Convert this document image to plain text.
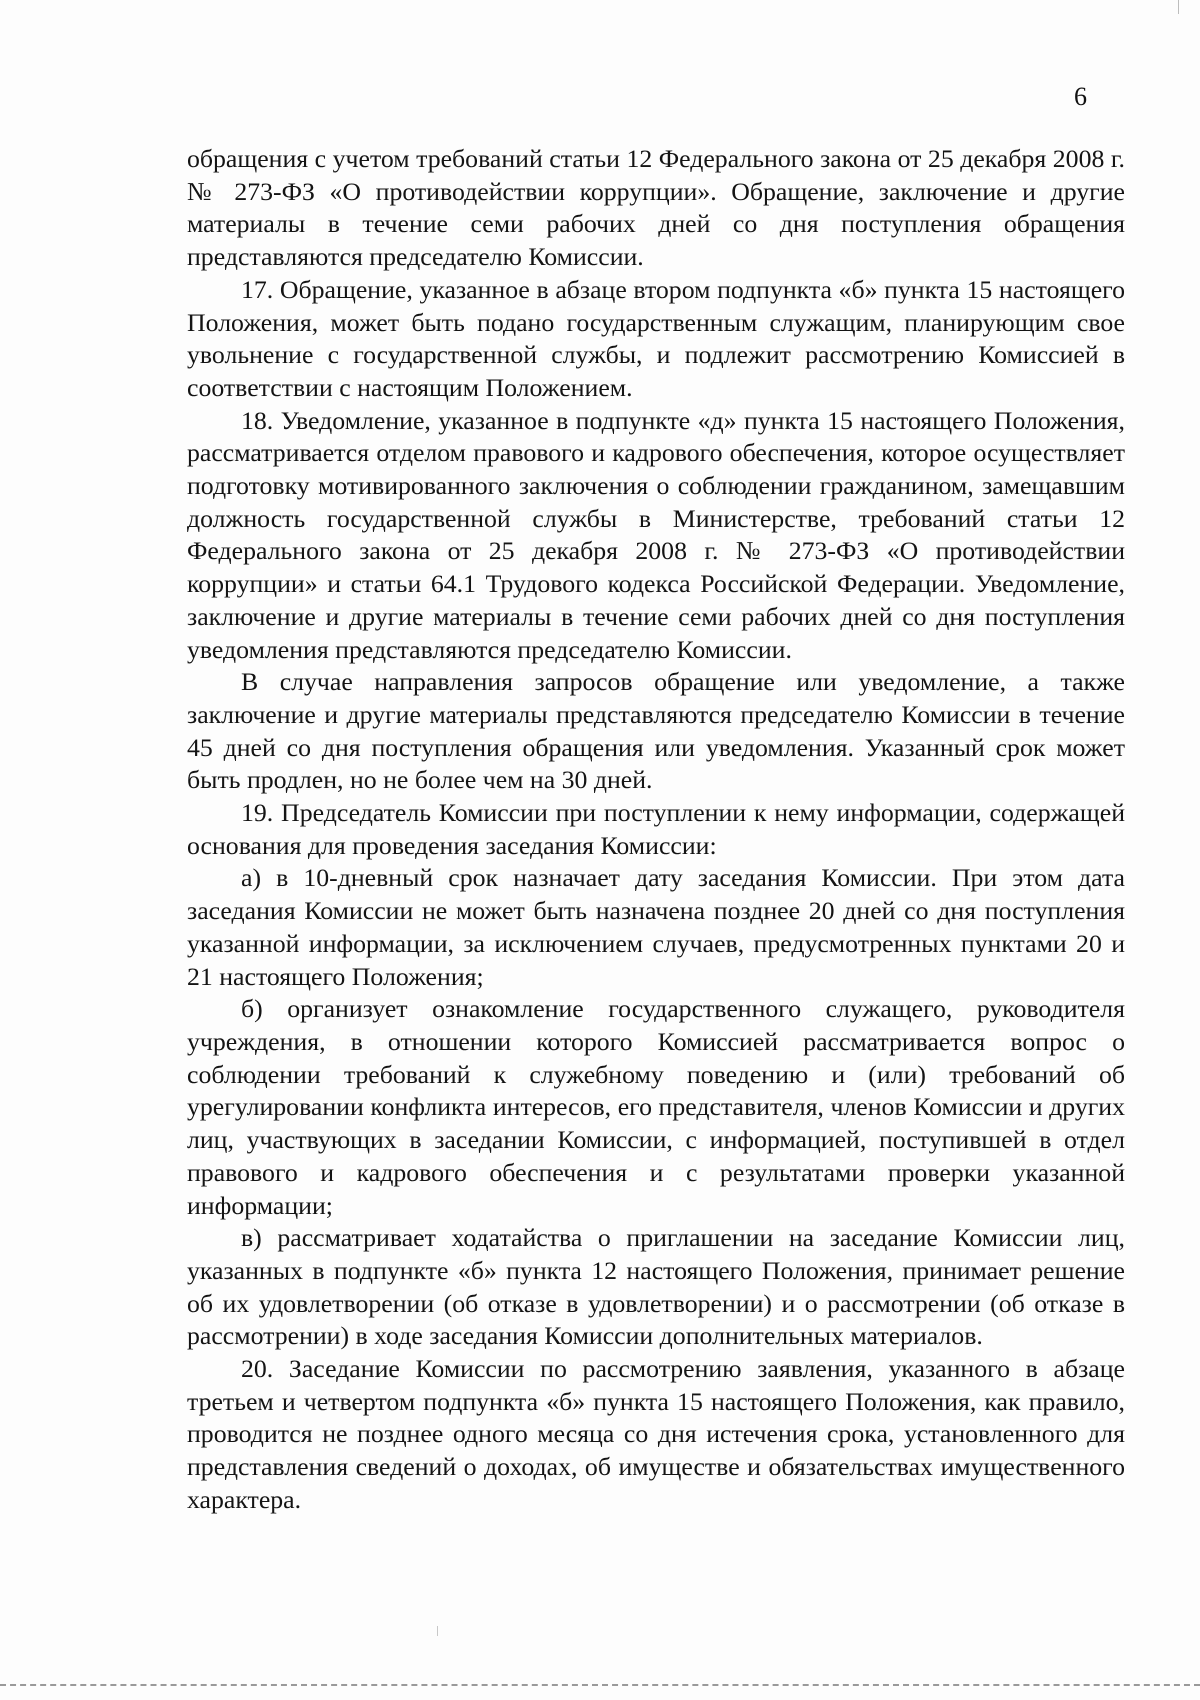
6

обращения с учетом требований статьи 12 Федерального закона от 25 декабря 2008 г. № 273-ФЗ «О противодействии коррупции». Обращение, заключение и другие материалы в течение семи рабочих дней со дня поступления обращения представляются председателю Комиссии.

17. Обращение, указанное в абзаце втором подпункта «б» пункта 15 настоящего Положения, может быть подано государственным служащим, планирующим свое увольнение с государственной службы, и подлежит рассмотрению Комиссией в соответствии с настоящим Положением.

18. Уведомление, указанное в подпункте «д» пункта 15 настоящего Положения, рассматривается отделом правового и кадрового обеспечения, которое осуществляет подготовку мотивированного заключения о соблюдении гражданином, замещавшим должность государственной службы в Министерстве, требований статьи 12 Федерального закона от 25 декабря 2008 г. № 273-ФЗ «О противодействии коррупции» и статьи 64.1 Трудового кодекса Российской Федерации. Уведомление, заключение и другие материалы в течение семи рабочих дней со дня поступления уведомления представляются председателю Комиссии.

В случае направления запросов обращение или уведомление, а также заключение и другие материалы представляются председателю Комиссии в течение 45 дней со дня поступления обращения или уведомления. Указанный срок может быть продлен, но не более чем на 30 дней.

19. Председатель Комиссии при поступлении к нему информации, содержащей основания для проведения заседания Комиссии:

а) в 10-дневный срок назначает дату заседания Комиссии. При этом дата заседания Комиссии не может быть назначена позднее 20 дней со дня поступления указанной информации, за исключением случаев, предусмотренных пунктами 20 и 21 настоящего Положения;

б) организует ознакомление государственного служащего, руководителя учреждения, в отношении которого Комиссией рассматривается вопрос о соблюдении требований к служебному поведению и (или) требований об урегулировании конфликта интересов, его представителя, членов Комиссии и других лиц, участвующих в заседании Комиссии, с информацией, поступившей в отдел правового и кадрового обеспечения и с результатами проверки указанной информации;

в) рассматривает ходатайства о приглашении на заседание Комиссии лиц, указанных в подпункте «б» пункта 12 настоящего Положения, принимает решение об их удовлетворении (об отказе в удовлетворении) и о рассмотрении (об отказе в рассмотрении) в ходе заседания Комиссии дополнительных материалов.

20. Заседание Комиссии по рассмотрению заявления, указанного в абзаце третьем и четвертом подпункта «б» пункта 15 настоящего Положения, как правило, проводится не позднее одного месяца со дня истечения срока, установленного для представления сведений о доходах, об имуществе и обязательствах имущественного характера.
